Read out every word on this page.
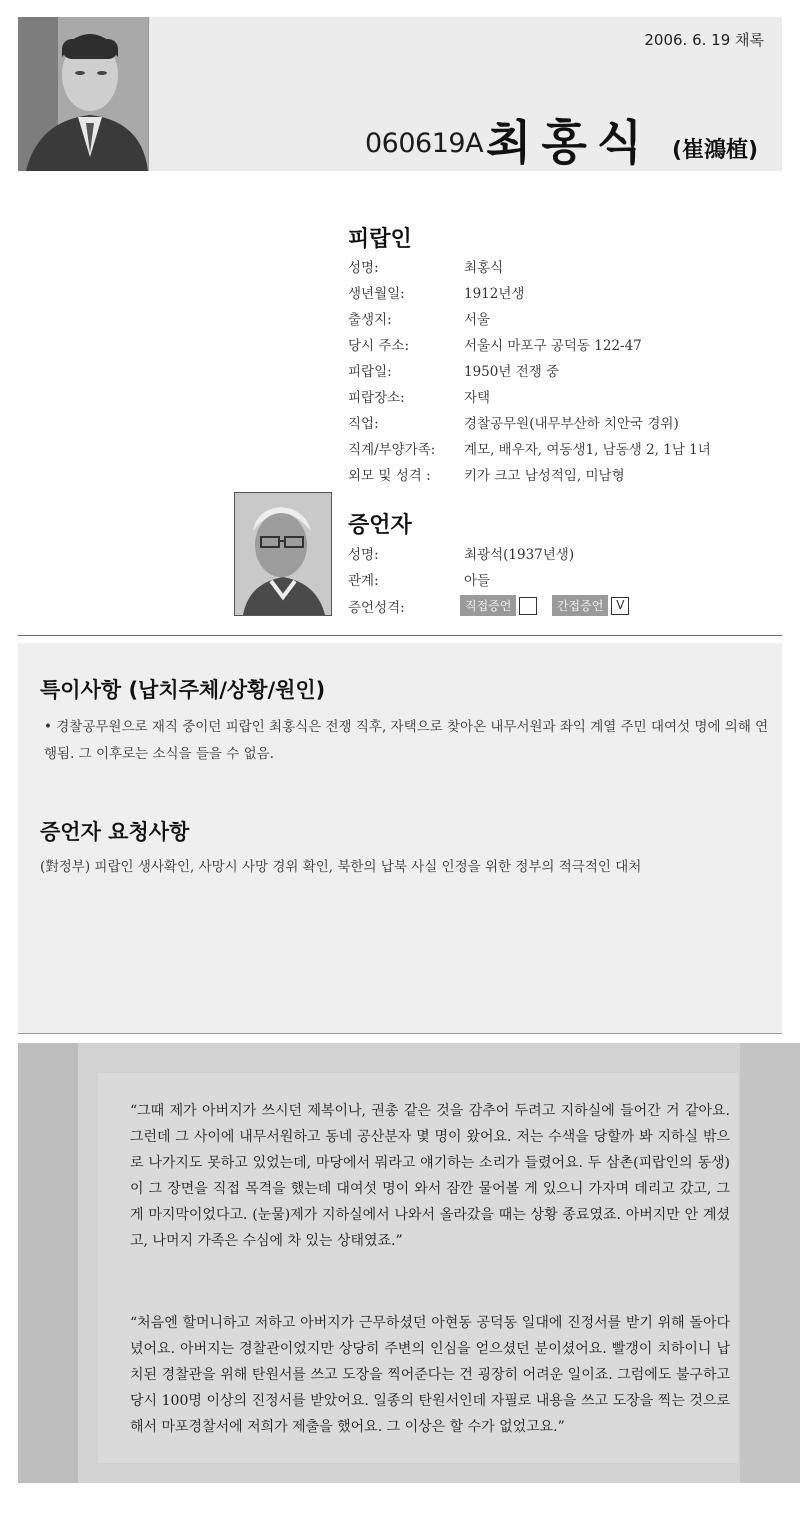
2006. 6. 19 채록
060619A 최홍식 (崔鴻植)
피랍인
성명:	최홍식
생년월일:	1912년생
출생지:	서울
당시 주소:	서울시 마포구 공덕동 122-47
피랍일:	1950년 전쟁 중
피랍장소:	자택
직업:	경찰공무원(내무부산하 치안국 경위)
직계/부양가족: 계모, 배우자, 여동생1, 남동생 2, 1남 1녀
외모 및 성격 : 키가 크고 남성적임, 미남형
증언자
성명:	최광석(1937년생)
관계:	아들
증언성격:	직접증언	간접증언 V
특이사항 (납치주체/상황/원인)
• 경찰공무원으로 재직 중이던 피랍인 최홍식은 전쟁 직후, 자택으로 찾아온 내무서원과 좌익 계열 주민 대여섯 명에 의해 연행됨. 그 이후로는 소식을 들을 수 없음.
증언자 요청사항
(對정부) 피랍인 생사확인, 사망시 사망 경위 확인, 북한의 납북 사실 인정을 위한 정부의 적극적인 대처
“그때 제가 아버지가 쓰시던 제복이나, 권총 같은 것을 감추어 두려고 지하실에 들어간 거 같아요. 그런데 그 사이에 내무서원하고 동네 공산분자 몇 명이 왔어요. 저는 수색을 당할까 봐 지하실 밖으로 나가지도 못하고 있었는데, 마당에서 뭐라고 얘기하는 소리가 들렸어요. 두 삼촌(피랍인의 동생)이 그 장면을 직접 목격을 했는데 대여섯 명이 와서 잠깐 물어볼 게 있으니 가자며 데리고 갔고, 그게 마지막이었다고. (눈물)제가 지하실에서 나와서 올라갔을 때는 상황 종료였죠. 아버지만 안 계셨고, 나머지 가족은 수심에 차 있는 상태였죠.”
“처음엔 할머니하고 저하고 아버지가 근무하셨던 아현동 공덕동 일대에 진정서를 받기 위해 돌아다녔어요. 아버지는 경찰관이었지만 상당히 주변의 인심을 얻으셨던 분이셨어요. 빨갱이 치하이니 납치된 경찰관을 위해 탄원서를 쓰고 도장을 찍어준다는 건 굉장히 어려운 일이죠. 그럼에도 불구하고 당시 100명 이상의 진정서를 받았어요. 일종의 탄원서인데 자필로 내용을 쓰고 도장을 찍는 것으로 해서 마포경찰서에 저희가 제출을 했어요. 그 이상은 할 수가 없었고요.”
